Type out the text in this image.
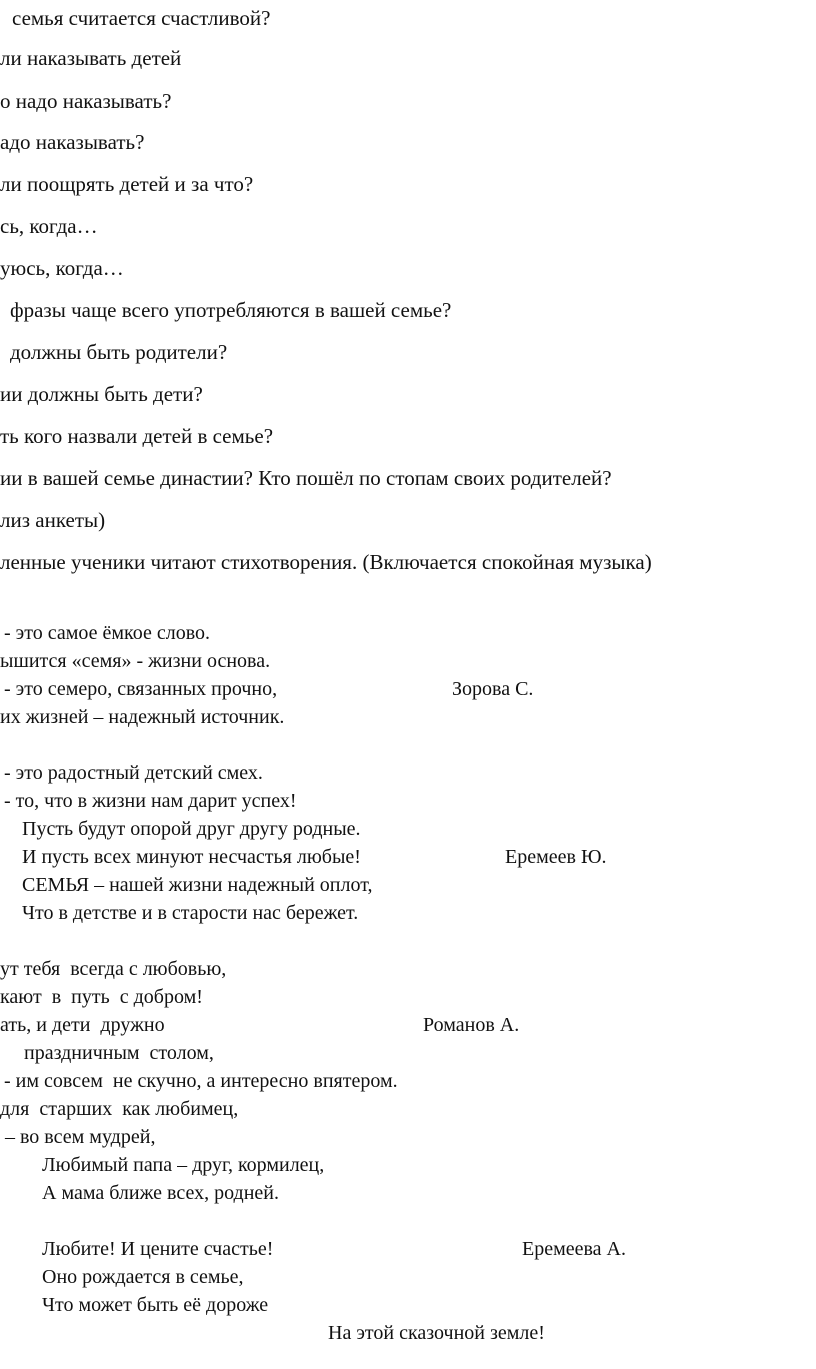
семья считается счастливой?
ли наказывать детей
о надо наказывать?
адо наказывать?
ли поощрять детей и за что?
сь, когда…
уюсь, когда…
фразы чаще всего употребляются в вашей семье?
должны быть родители?
ии должны быть дети?
ть кого назвали детей в семье?
ии в вашей семье династии? Кто пошёл по стопам своих родителей?
лиз анкеты)
ленные ученики читают стихотворения. (Включается спокойная музыка)
- это самое ёмкое слово.
ышится «семя» - жизни основа.
- это семеро, связанных прочно,
их жизней – надежный источник.
Зорова С.
- это радостный детский смех.
- то, что в жизни нам дарит успех!
Пусть будут опорой друг другу родные.
И пусть всех минуют несчастья любые!
СЕМЬЯ – нашей жизни надежный оплот,
Что в детстве и в старости нас бережет.
Еремеев Ю.
ут тебя  всегда с любовью,
кают  в  путь  с добром!
ать, и дети  дружно
праздничным  столом,
- им совсем  не скучно, а интересно впятером.
для  старших  как любимец,
– во всем мудрей,
Любимый папа – друг, кормилец,
А мама ближе всех, родней.
Романов А.
Любите! И цените счастье!
Оно рождается в семье,
Что может быть её дороже
На этой сказочной земле!
Еремеева А.
